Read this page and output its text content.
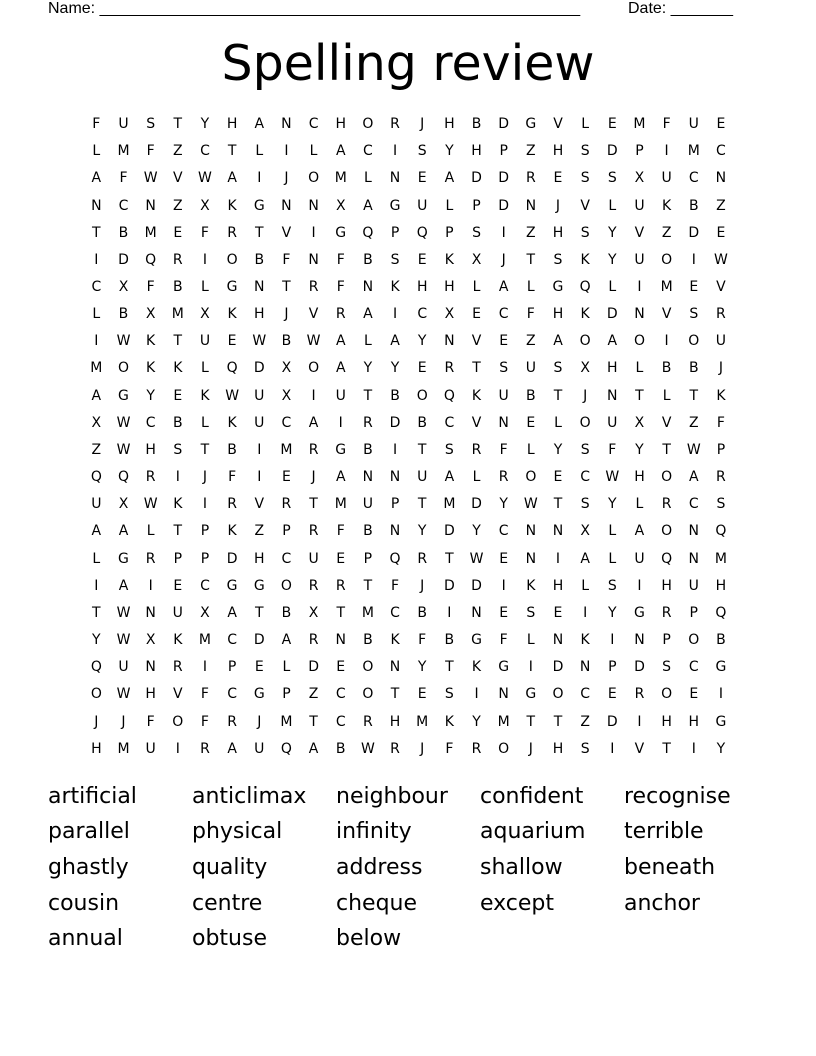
Name: ______________________________________________________	Date: _______
Spelling review
F	U	S	T	Y	H	A	N	C	H	O	R	J	H	B	D	G	V	L	E	M	F	U	E
L	M	F	Z	C	T	L	I	L	A	C	I	S	Y	H	P	Z	H	S	D	P	I	M	C
A	F	W	V	W	A	I	J	O	M	L	N	E	A	D	D	R	E	S	S	X	U	C	N
N	C	N	Z	X	K	G	N	N	X	A	G	U	L	P	D	N	J	V	L	U	K	B	Z
T	B	M	E	F	R	T	V	I	G	Q	P	Q	P	S	I	Z	H	S	Y	V	Z	D	E
I	D	Q	R	I	O	B	F	N	F	B	S	E	K	X	J	T	S	K	Y	U	O	I	W
C	X	F	B	L	G	N	T	R	F	N	K	H	H	L	A	L	G	Q	L	I	M	E	V
L	B	X	M	X	K	H	J	V	R	A	I	C	X	E	C	F	H	K	D	N	V	S	R
I	W	K	T	U	E	W	B	W	A	L	A	Y	N	V	E	Z	A	O	A	O	I	O	U
M	O	K	K	L	Q	D	X	O	A	Y	Y	E	R	T	S	U	S	X	H	L	B	B	J
A	G	Y	E	K	W	U	X	I	U	T	B	O	Q	K	U	B	T	J	N	T	L	T	K
X	W	C	B	L	K	U	C	A	I	R	D	B	C	V	N	E	L	O	U	X	V	Z	F
Z	W	H	S	T	B	I	M	R	G	B	I	T	S	R	F	L	Y	S	F	Y	T	W	P
Q	Q	R	I	J	F	I	E	J	A	N	N	U	A	L	R	O	E	C	W	H	O	A	R
U	X	W	K	I	R	V	R	T	M	U	P	T	M	D	Y	W	T	S	Y	L	R	C	S
A	A	L	T	P	K	Z	P	R	F	B	N	Y	D	Y	C	N	N	X	L	A	O	N	Q
L	G	R	P	P	D	H	C	U	E	P	Q	R	T	W	E	N	I	A	L	U	Q	N	M
I	A	I	E	C	G	G	O	R	R	T	F	J	D	D	I	K	H	L	S	I	H	U	H
T	W	N	U	X	A	T	B	X	T	M	C	B	I	N	E	S	E	I	Y	G	R	P	Q
Y	W	X	K	M	C	D	A	R	N	B	K	F	B	G	F	L	N	K	I	N	P	O	B
Q	U	N	R	I	P	E	L	D	E	O	N	Y	T	K	G	I	D	N	P	D	S	C	G
O	W	H	V	F	C	G	P	Z	C	O	T	E	S	I	N	G	O	C	E	R	O	E	I
J	J	F	O	F	R	J	M	T	C	R	H	M	K	Y	M	T	T	Z	D	I	H	H	G
H	M	U	I	R	A	U	Q	A	B	W	R	J	F	R	O	J	H	S	I	V	T	I	Y
artificial	anticlimax	neighbour	confident	recognise
parallel	physical	infinity	aquarium	terrible
ghastly	quality	address	shallow	beneath
cousin	centre	cheque	except	anchor
annual	obtuse	below
